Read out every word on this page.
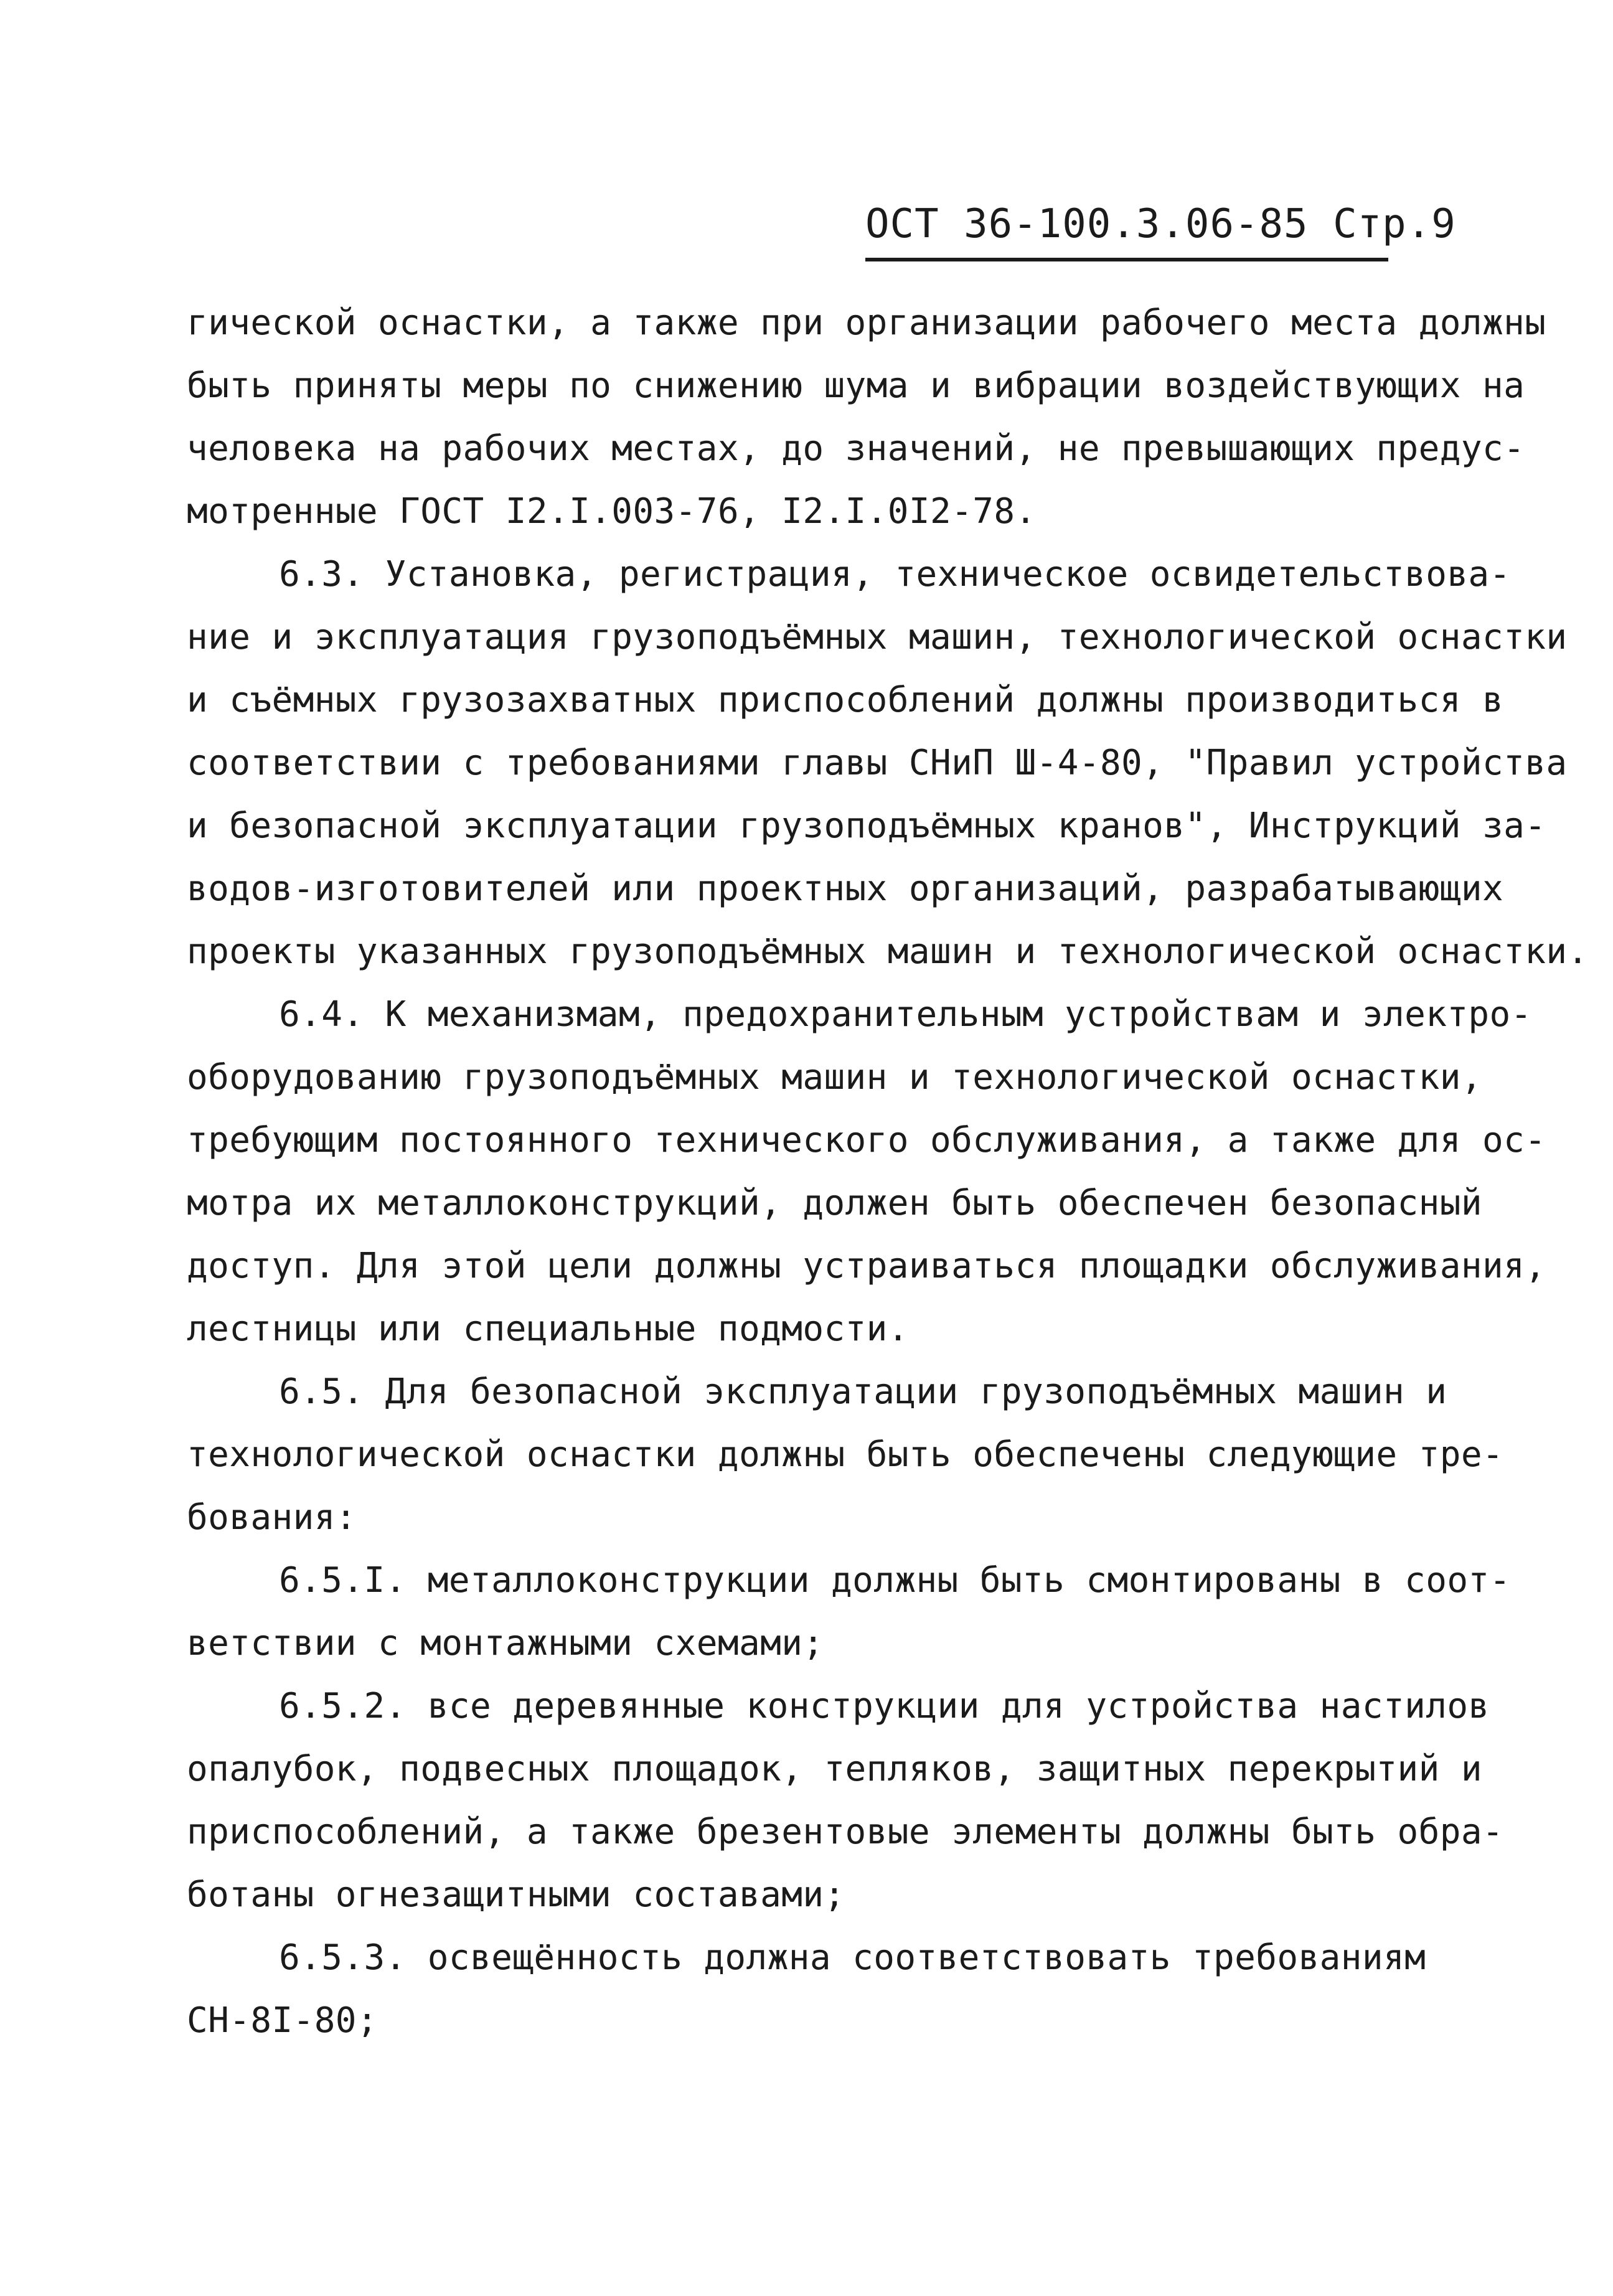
ОСТ 36-100.3.06-85 Стр.9
гической оснастки, а также при организации рабочего места должны
быть приняты меры по снижению шума и вибрации воздействующих на
человека на рабочих местах, до значений, не превышающих предус-
мотренные ГОСТ I2.I.003-76, I2.I.0I2-78.
6.3. Установка, регистрация, техническое освидетельствова-
ние и эксплуатация грузоподъёмных машин, технологической оснастки
и съёмных грузозахватных приспособлений должны производиться в
соответствии с требованиями главы СНиП Ш-4-80, "Правил устройства
и безопасной эксплуатации грузоподъёмных кранов", Инструкций за-
водов-изготовителей или проектных организаций, разрабатывающих
проекты указанных грузоподъёмных машин и технологической оснастки.
6.4. К механизмам, предохранительным устройствам и электро-
оборудованию грузоподъёмных машин и технологической оснастки,
требующим постоянного технического обслуживания, а также для ос-
мотра их металлоконструкций, должен быть обеспечен безопасный
доступ. Для этой цели должны устраиваться площадки обслуживания,
лестницы или специальные подмости.
6.5. Для безопасной эксплуатации грузоподъёмных машин и
технологической оснастки должны быть обеспечены следующие тре-
бования:
6.5.I. металлоконструкции должны быть смонтированы в соот-
ветствии с монтажными схемами;
6.5.2. все деревянные конструкции для устройства настилов
опалубок, подвесных площадок, тепляков, защитных перекрытий и
приспособлений, а также брезентовые элементы должны быть обра-
ботаны огнезащитными составами;
6.5.3. освещённость должна соответствовать требованиям
СН-8I-80;
